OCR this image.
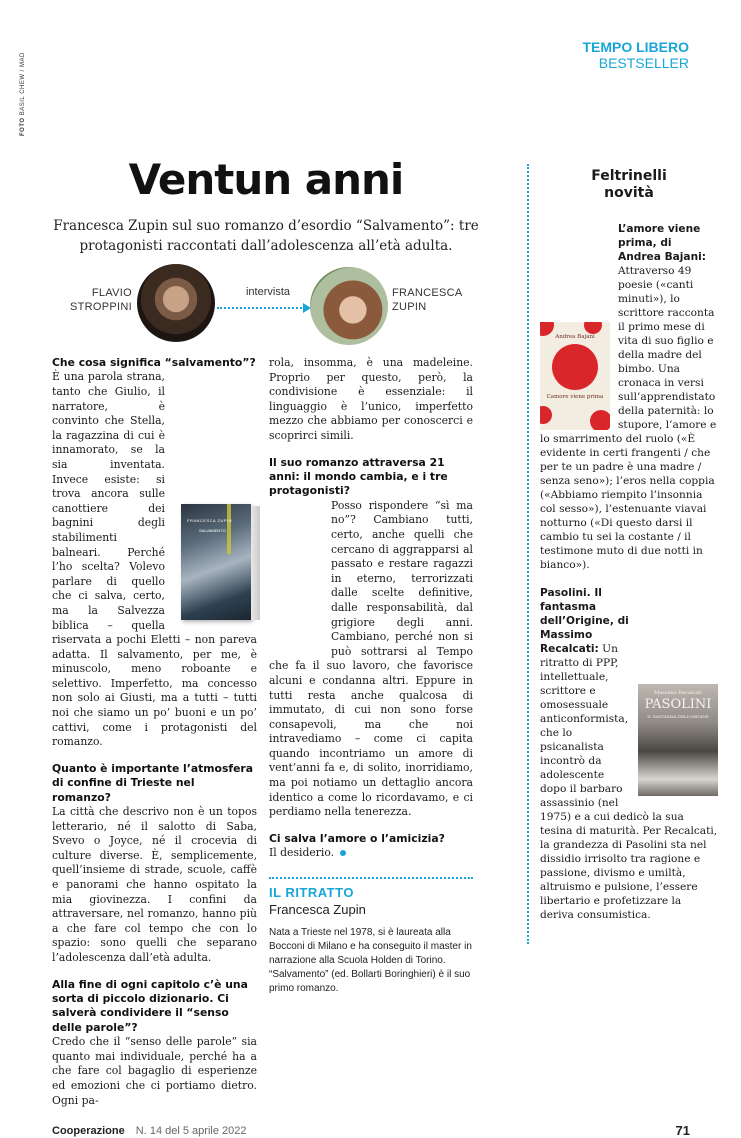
FOTO BASIL CHEW / MAD
TEMPO LIBERO
BESTSELLER
Ventun anni
Francesca Zupin sul suo romanzo d’esordio “Salvamento”: tre protagonisti raccontati dall’adolescenza all’età adulta.
FLAVIO
STROPPINI
intervista	FRANCESCA
ZUPIN

Che cosa significa “salvamento”?

FRANCESCA ZUPIN
SALVAMENTO
È una parola strana, tanto che Giulio, il narratore, è convinto che Stella, la ragazzina di cui è innamorato, se la sia inventata. Invece esiste: si trova ancora sulle canottiere dei bagnini degli stabilimenti balneari. Perché l’ho scelta? Volevo parlare di quello che ci salva, certo, ma la Salvezza biblica – quella riservata a pochi Eletti – non pareva adatta. Il salvamento, per me, è minuscolo, meno roboante e selettivo. Imperfetto, ma concesso non solo ai Giusti, ma a tutti – tutti noi che siamo un po’ buoni e un po’ cattivi, come i protagonisti del romanzo.

Quanto è importante l’atmosfera di confine di Trieste nel romanzo?

La città che descrivo non è un topos letterario, né il salotto di Saba, Svevo o Joyce, né il crocevia di culture diverse. È, semplicemente, quell’insieme di strade, scuole, caffè e panorami che hanno ospitato la mia giovinezza. I confini da attraversare, nel romanzo, hanno più a che fare col tempo che con lo spazio: sono quelli che separano l’adolescenza dall’età adulta.

Alla fine di ogni capitolo c’è una sorta di piccolo dizionario. Ci salverà condividere il “senso delle parole”?

Credo che il “senso delle parole” sia quanto mai individuale, perché ha a che fare col bagaglio di esperienze ed emozioni che ci portiamo dietro. Ogni pa-

rola, insomma, è una madeleine. Proprio per questo, però, la condivisione è essenziale: il linguaggio è l’unico, imperfetto mezzo che abbiamo per conoscerci e scoprirci simili.

Il suo romanzo attraversa 21 anni: il mondo cambia, e i tre protagonisti?

Posso rispondere “sì ma no”? Cambiano tutti, certo, anche quelli che cercano di aggrapparsi al passato e restare ragazzi in eterno, terrorizzati dalle scelte definitive, dalle responsabilità, dal grigiore degli anni. Cambiano, perché non si può sottrarsi al Tempo che fa il suo lavoro, che favorisce alcuni e condanna altri. Eppure in tutti resta anche qualcosa di immutato, di cui non sono forse consapevoli, ma che noi intravediamo – come ci capita quando incontriamo un amore di vent’anni fa e, di solito, inorridiamo, ma poi notiamo un dettaglio ancora identico a come lo ricordavamo, e ci perdiamo nella tenerezza.

Ci salva l’amore o l’amicizia?

Il desiderio.

IL RITRATTO
Francesca Zupin
Nata a Trieste nel 1978, si è laureata alla Bocconi di Milano e ha conseguito il master in narrazione alla Scuola Holden di Torino. “Salvamento” (ed. Bollarti Boringhieri) è il suo primo romanzo.
Feltrinelli
novità

Andrea Bajani
L’amore viene prima
L’amore viene prima, di Andrea Bajani: Attraverso 49 poesie («canti minuti»), lo scrittore racconta il primo mese di vita di suo figlio e della madre del bimbo. Una cronaca in versi sull’apprendistato della paternità: lo stupore, l’amore e lo smarrimento del ruolo («È evidente in certi frangenti / che per te un padre è una madre / senza seno»); l’eros nella coppia («Abbiamo riempito l’insonnia col sesso»), l’estenuante viavai notturno («Di questo darsi il cambio tu sei la costante / il testimone muto di due notti in bianco»).

Massimo Recalcati
PASOLINI
IL FANTASMA DELL’ORIGINE
Pasolini. Il fantasma dell’Origine, di Massimo Recalcati: Un ritratto di PPP, intellettuale, scrittore e omosessuale anticonformista, che lo psicanalista incontrò da adolescente dopo il barbaro assassinio (nel 1975) e a cui dedicò la sua tesina di maturità. Per Recalcati, la grandezza di Pasolini sta nel dissidio irrisolto tra ragione e passione, divismo e umiltà, altruismo e pulsione, l’essere libertario e profetizzare la deriva consumistica.

Cooperazione N. 14 del 5 aprile 2022	71
